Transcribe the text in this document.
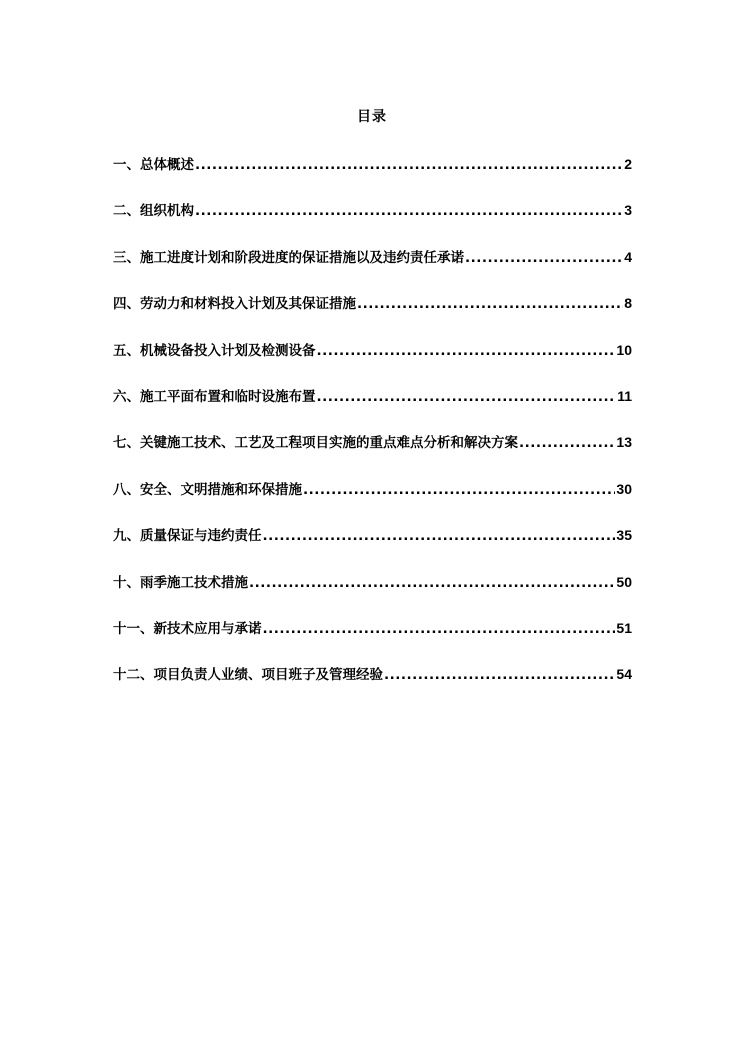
目录
一、总体概述 .....	2
二、组织机构 .....	3
三、施工进度计划和阶段进度的保证措施以及违约责任承诺 .....	4
四、劳动力和材料投入计划及其保证措施 .....	8
五、机械设备投入计划及检测设备 .....	10
六、施工平面布置和临时设施布置 .....	11
七、关键施工技术、工艺及工程项目实施的重点难点分析和解决方案 .....	13
八、安全、文明措施和环保措施 .....	30
九、质量保证与违约责任 .....	35
十、雨季施工技术措施 .....	50
十一、新技术应用与承诺 .....	51
十二、项目负责人业绩、项目班子及管理经验 .....	54
